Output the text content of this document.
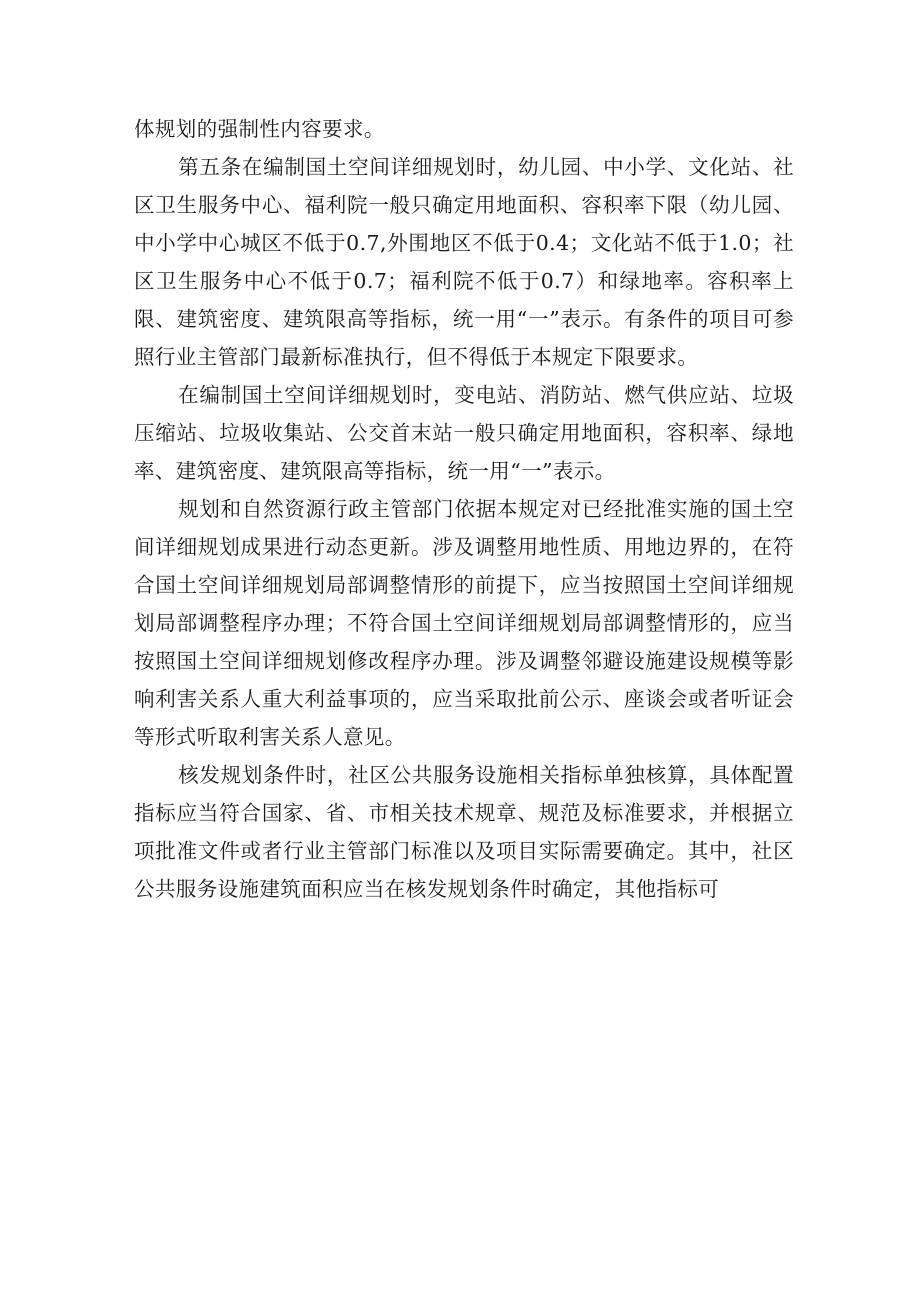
体规划的强制性内容要求。

第五条在编制国土空间详细规划时，幼儿园、中小学、文化站、社区卫生服务中心、福利院一般只确定用地面积、容积率下限（幼儿园、中小学中心城区不低于0.7,外围地区不低于0.4；文化站不低于1.0；社区卫生服务中心不低于0.7；福利院不低于0.7）和绿地率。容积率上限、建筑密度、建筑限高等指标，统一用“一”表示。有条件的项目可参照行业主管部门最新标准执行，但不得低于本规定下限要求。

在编制国土空间详细规划时，变电站、消防站、燃气供应站、垃圾压缩站、垃圾收集站、公交首末站一般只确定用地面积，容积率、绿地率、建筑密度、建筑限高等指标，统一用“一”表示。

规划和自然资源行政主管部门依据本规定对已经批准实施的国土空间详细规划成果进行动态更新。涉及调整用地性质、用地边界的，在符合国土空间详细规划局部调整情形的前提下，应当按照国土空间详细规划局部调整程序办理；不符合国土空间详细规划局部调整情形的，应当按照国土空间详细规划修改程序办理。涉及调整邻避设施建设规模等影响利害关系人重大利益事项的，应当采取批前公示、座谈会或者听证会等形式听取利害关系人意见。

核发规划条件时，社区公共服务设施相关指标单独核算，具体配置指标应当符合国家、省、市相关技术规章、规范及标准要求，并根据立项批准文件或者行业主管部门标准以及项目实际需要确定。其中，社区公共服务设施建筑面积应当在核发规划条件时确定，其他指标可
